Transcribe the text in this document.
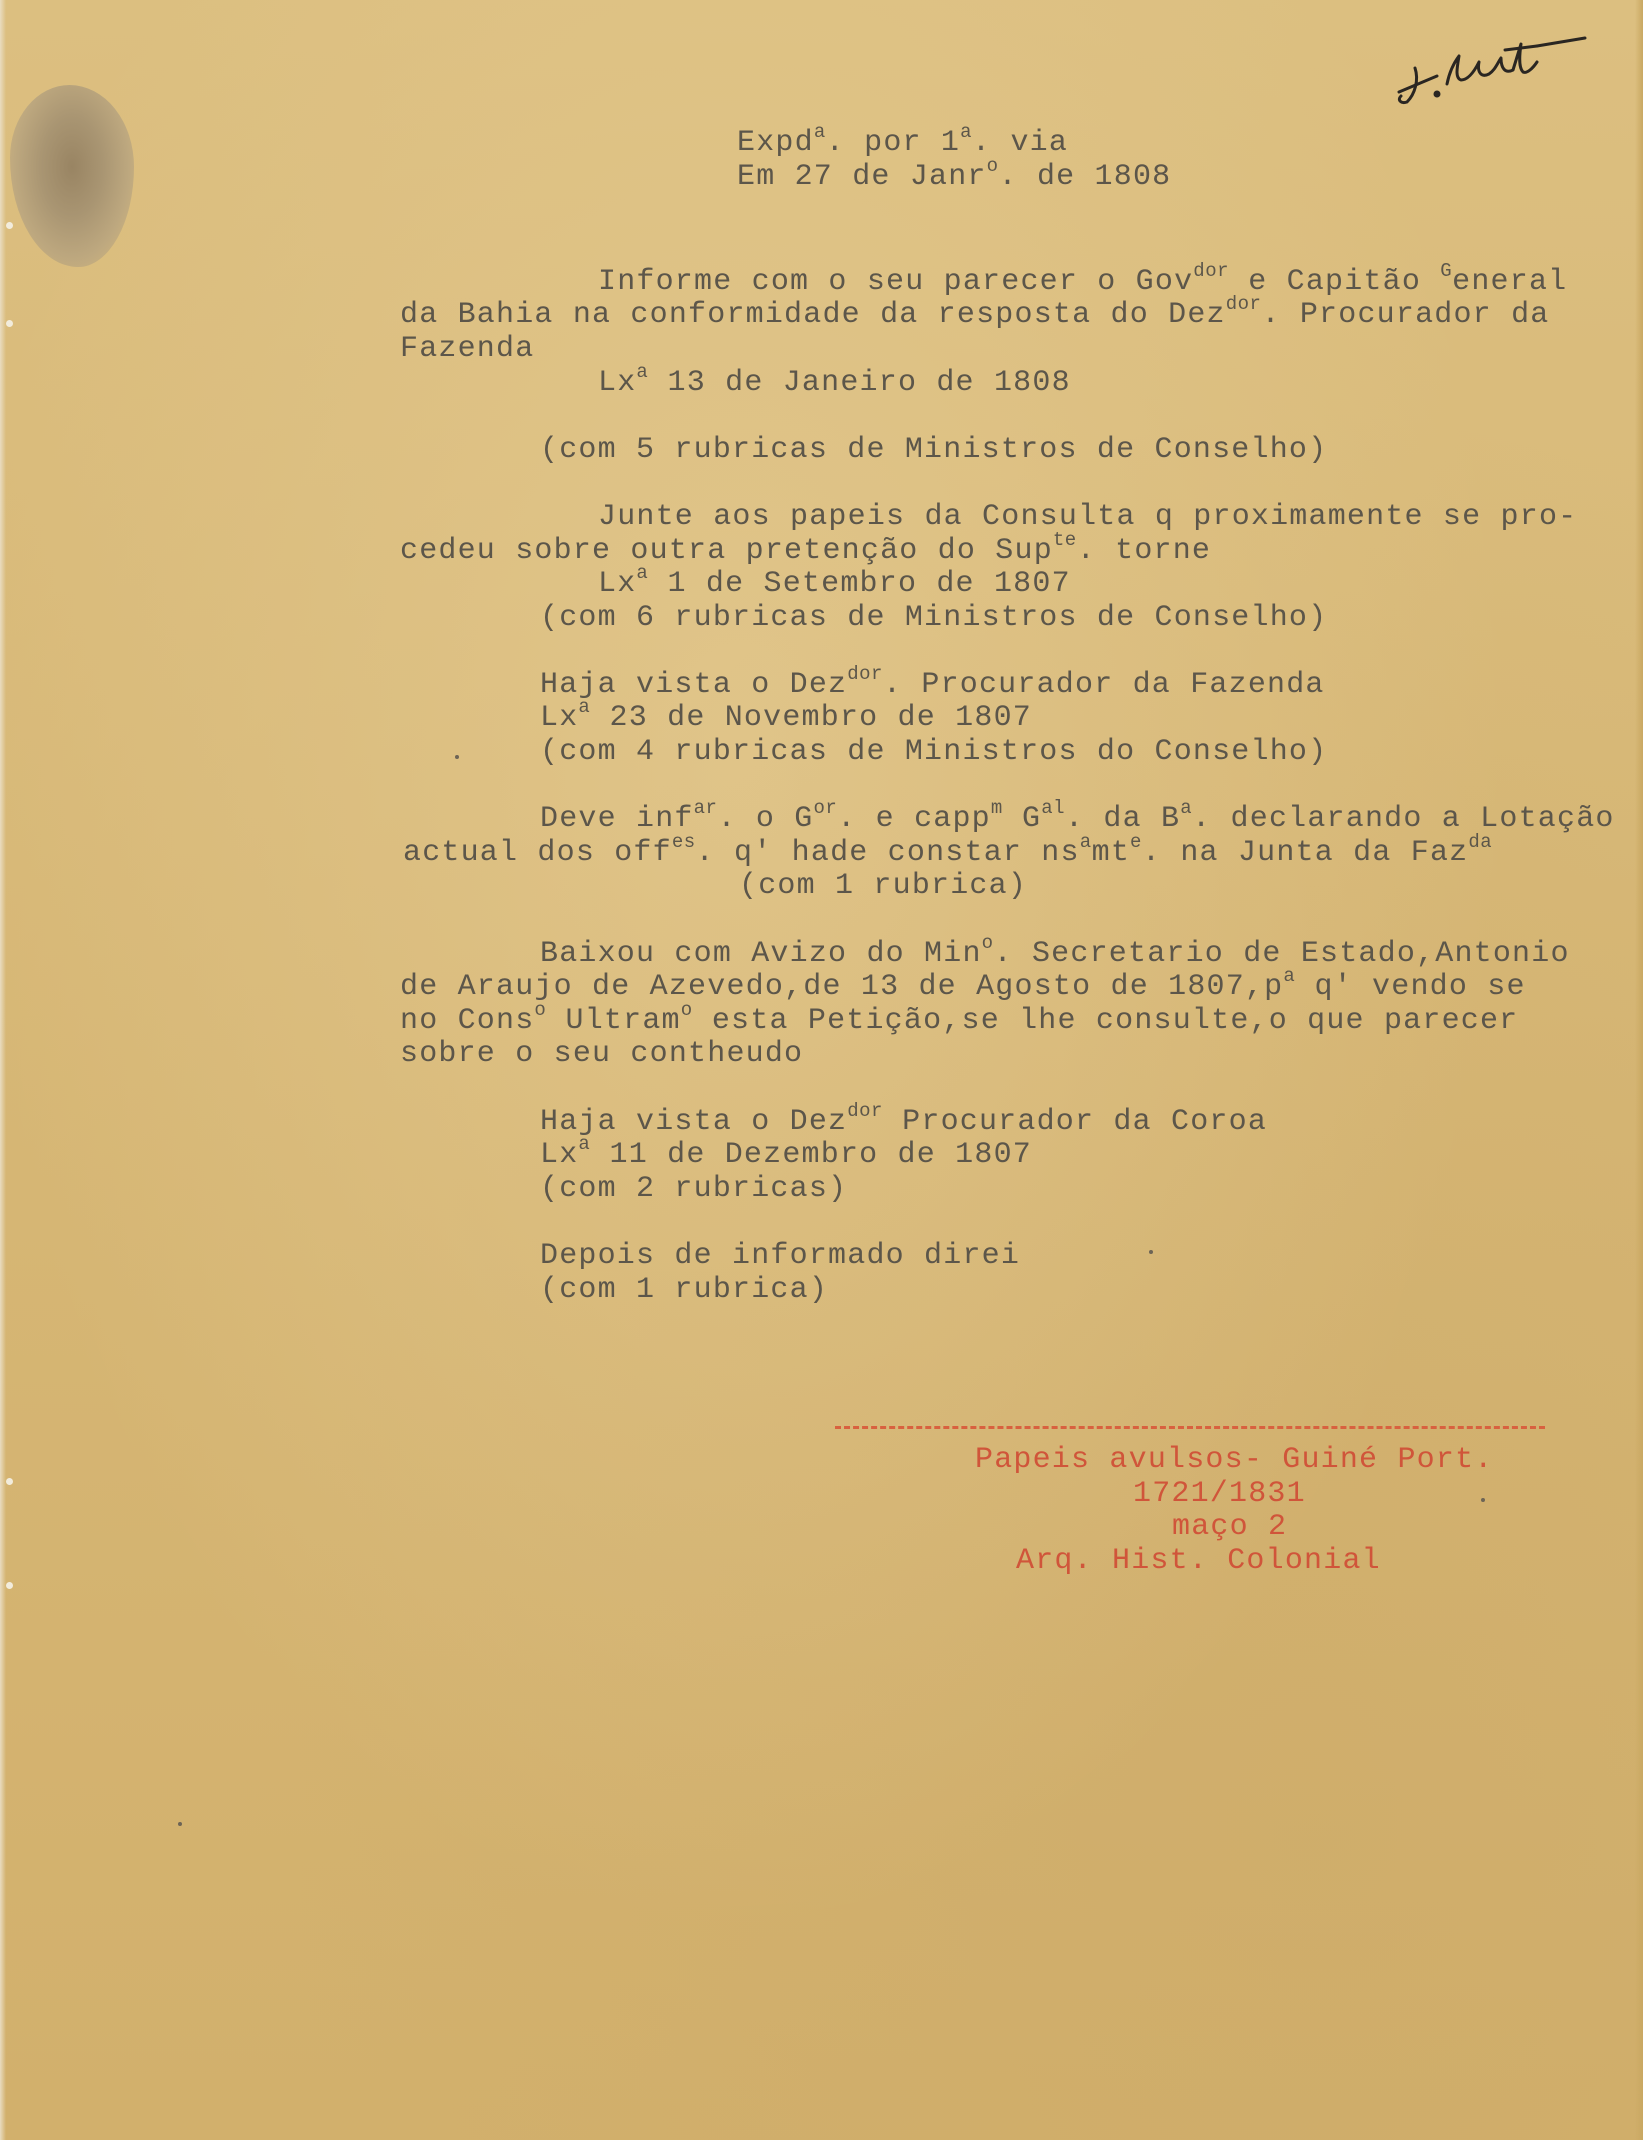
Expd$^a$. por 1$^a$. via
Em 27 de Janr$^o$. de 1808
Informe com o seu parecer o Gov$^{dor}$ e Capitão $^G$eneral
da Bahia na conformidade da resposta do Dez$^{dor}$. Procurador da
Fazenda
Lx$^a$ 13 de Janeiro de 1808
(com 5 rubricas de Ministros de Conselho)
Junte aos papeis da Consulta q proximamente se pro-
cedeu sobre outra pretenção do Sup$^{te}$. torne
Lx$^a$ 1 de Setembro de 1807
(com 6 rubricas de Ministros de Conselho)
Haja vista o Dez$^{dor}$. Procurador da Fazenda
Lx$^a$ 23 de Novembro de 1807
(com 4 rubricas de Ministros do Conselho)
Deve inf$^{ar}$. o $G^{or}$. e capp$^m$ $G^{al}$. da $B^a$. declarando a Lotação
actual dos off$^{es}$. q' hade constar $ns^amt^e$. na Junta da Faz$^{da}$
(com 1 rubrica)
Baixou com Avizo do Min$^o$. Secretario de Estado,Antonio
de Araujo de Azevedo,de 13 de Agosto de $1807,p^a$ q' vendo se
no Cons$^o$ Ultram$^o$ esta Petição,se lhe consulte,o que parecer
sobre o seu contheudo
Haja vista o Dez$^{dor}$ Procurador da Coroa
Lx$^a$ 11 de Dezembro de 1807
(com 2 rubricas)
Depois de informado direi
(com 1 rubrica)
Papeis avulsos- Guiné Port.
1721/1831
maço 2
Arq. Hist. Colonial
